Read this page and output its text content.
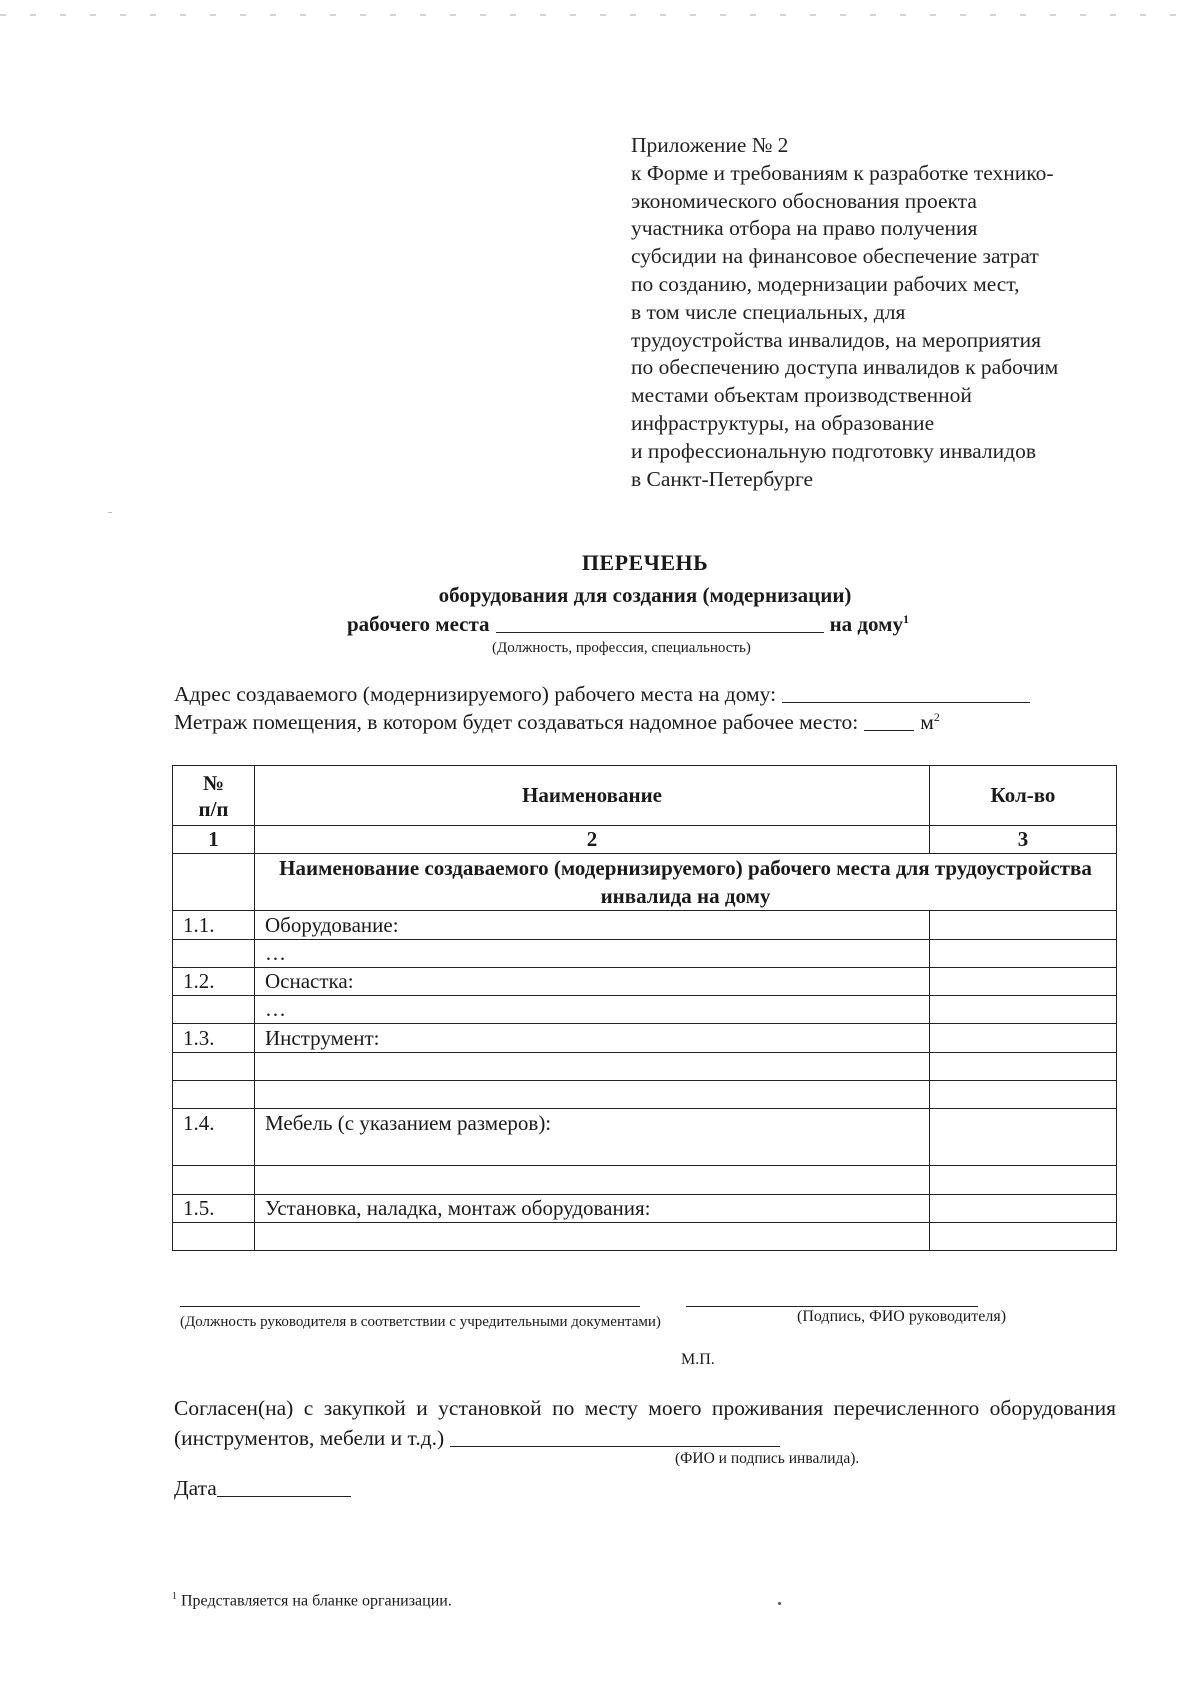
Приложение № 2
к Форме и требованиям к разработке технико-
экономического обоснования проекта
участника отбора на право получения
субсидии на финансовое обеспечение затрат
по созданию, модернизации рабочих мест,
в том числе специальных, для
трудоустройства инвалидов, на мероприятия
по обеспечению доступа инвалидов к рабочим
местами объектам производственной
инфраструктуры, на образование
и профессиональную подготовку инвалидов
в Санкт-Петербурге
ПЕРЕЧЕНЬ
оборудования для создания (модернизации)
рабочего места	на дому$^1$
(Должность, профессия, специальность)
Адрес создаваемого (модернизируемого) рабочего места на дому:
Метраж помещения, в котором будет создаваться надомное рабочее место:	$м^2$
№
п/п	Наименование	Кол-во
1	2	3
	Наименование создаваемого (модернизируемого) рабочего места для трудоустройства инвалида на дому	
1.1.	Оборудование:	
	…	
1.2.	Оснастка:	
	…	
1.3.	Инструмент:	

1.4.	Мебель (с указанием размеров):	

1.5.	Установка, наладка, монтаж оборудования:	

(Должность руководителя в соответствии с учредительными документами)	(Подпись, ФИО руководителя)
М.П.
Согласен(на) с закупкой и установкой по месту моего проживания перечисленного оборудования (инструментов, мебели и т.д.)
(ФИО и подпись инвалида).
Дата
$^1$ Представляется на бланке организации.
